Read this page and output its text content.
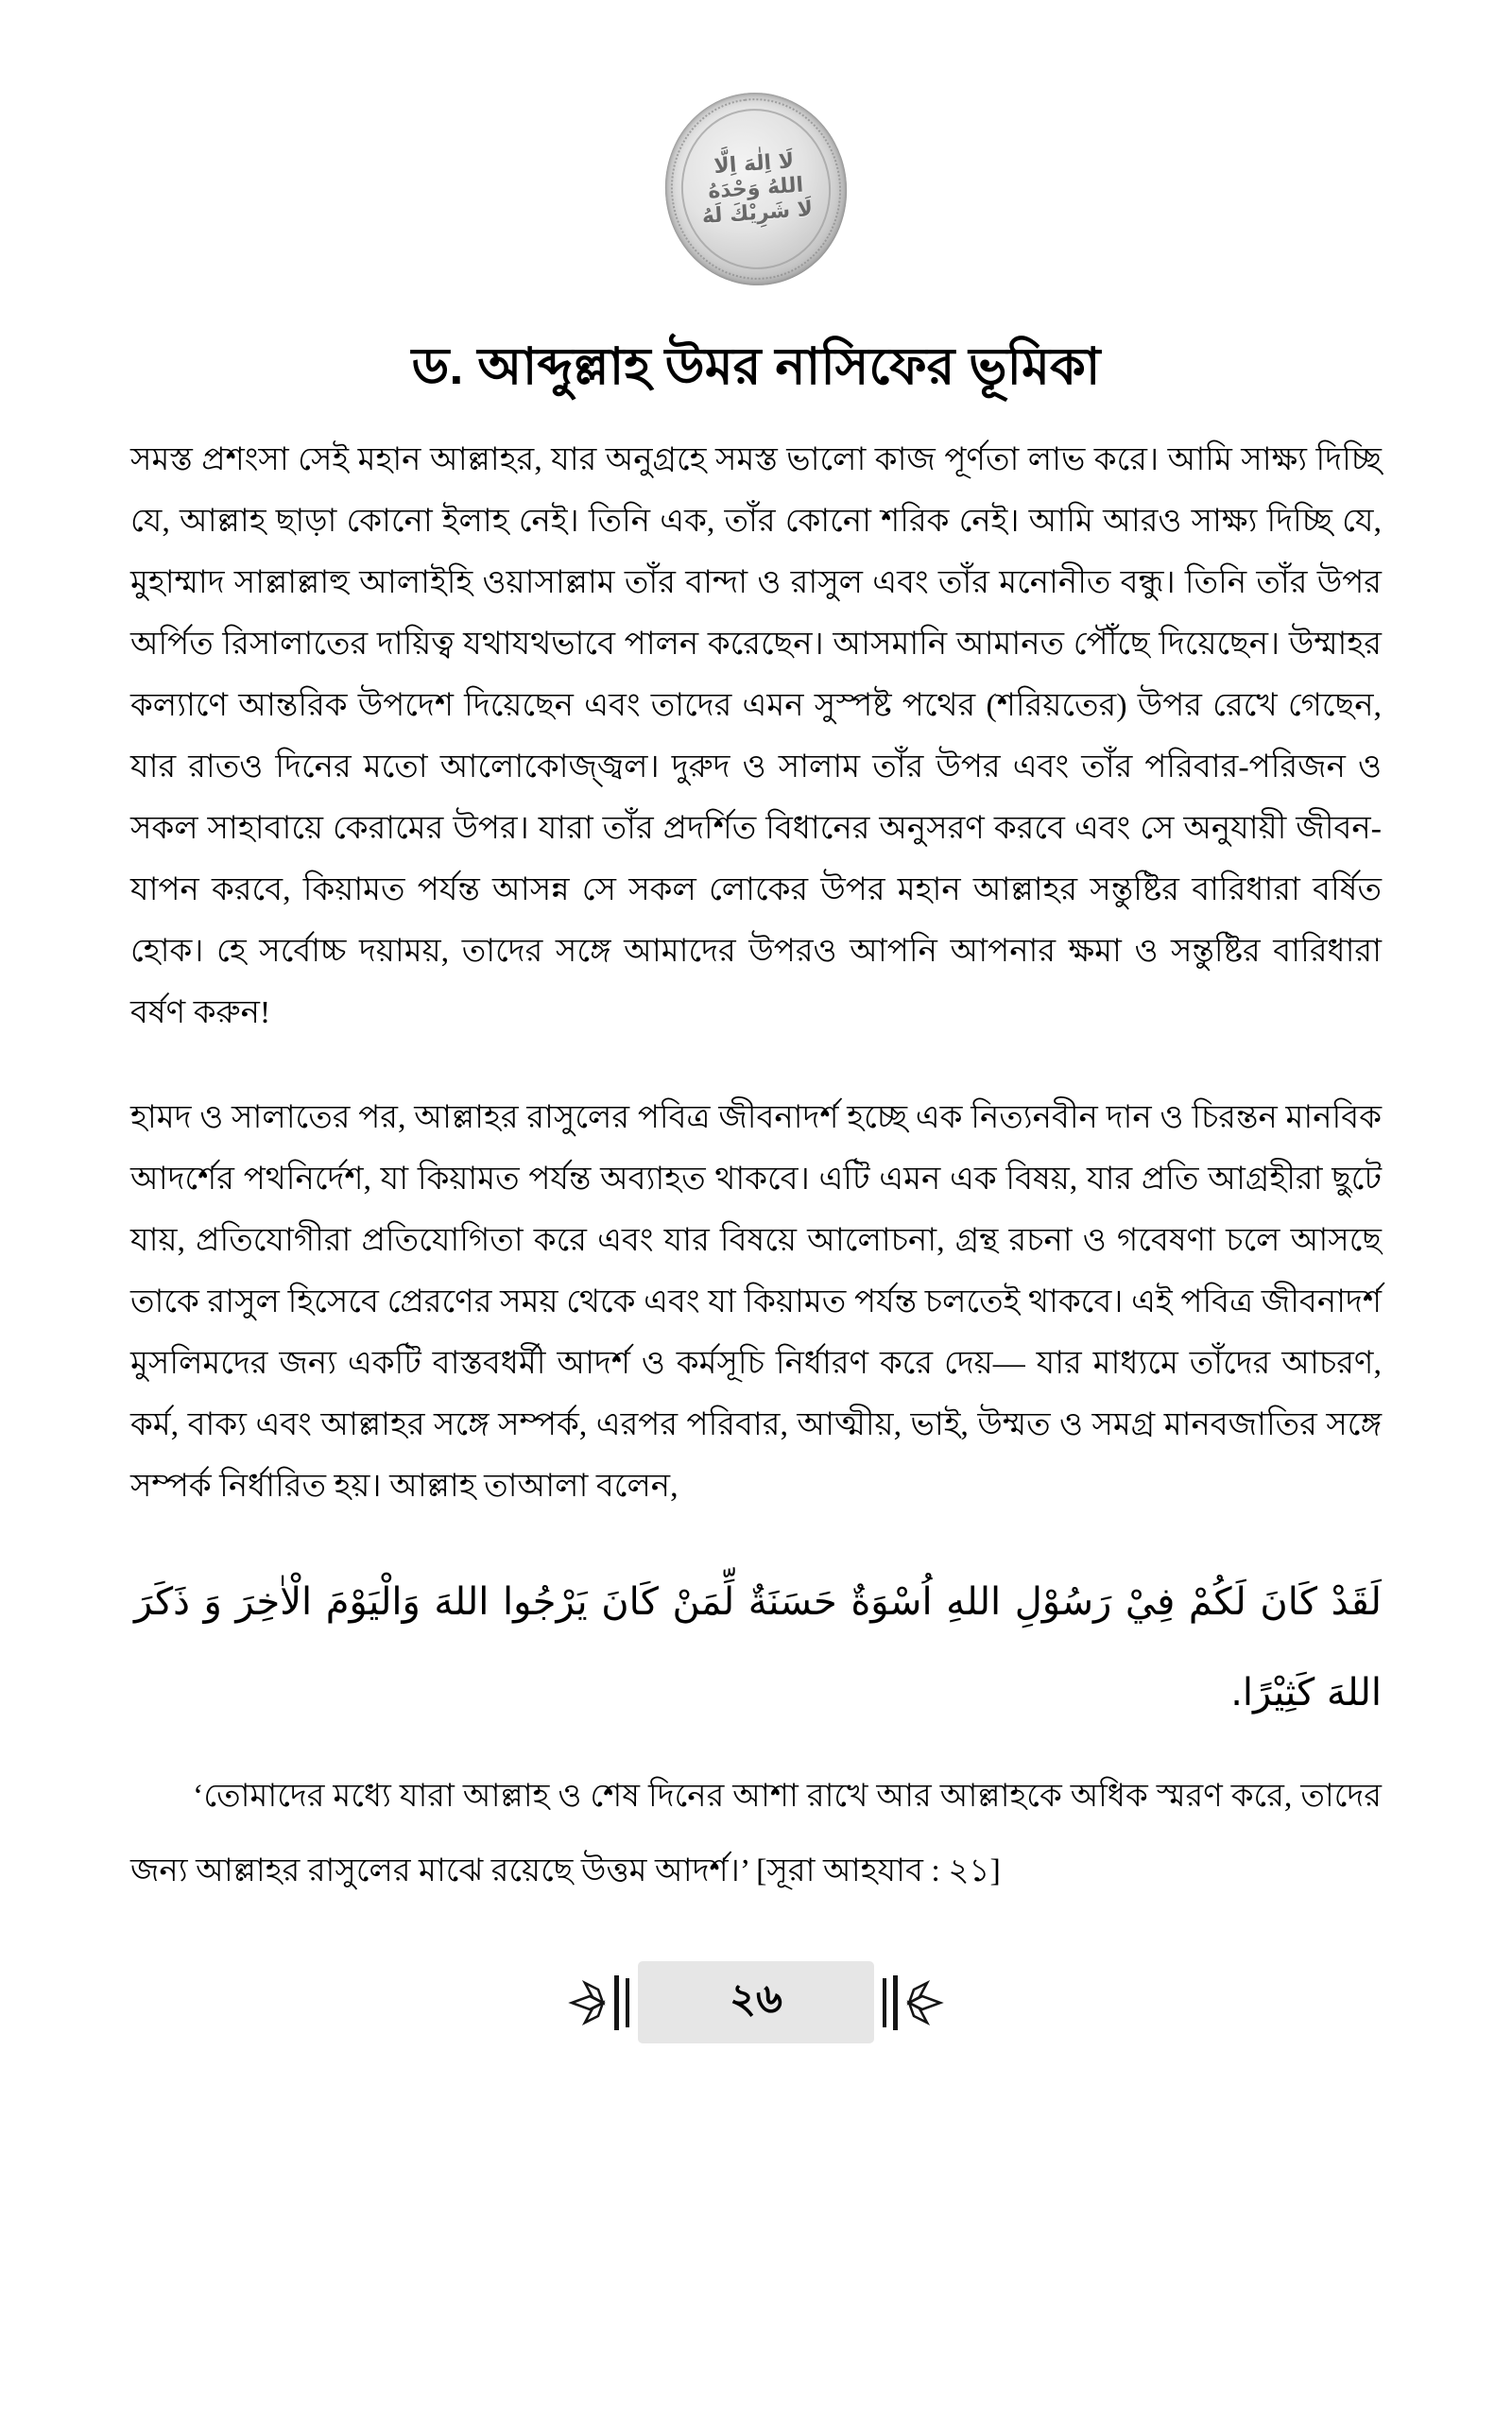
لَا اِلٰهَ اِلَّا
اللهُ وَحْدَهُ
لَا شَرِيْكَ لَهُ
ড. আব্দুল্লাহ উমর নাসিফের ভূমিকা

সমস্ত প্রশংসা সেই মহান আল্লাহর, যার অনুগ্রহে সমস্ত ভালো কাজ পূর্ণতা লাভ করে। আমি সাক্ষ্য দিচ্ছি যে, আল্লাহ ছাড়া কোনো ইলাহ নেই। তিনি এক, তাঁর কোনো শরিক নেই। আমি আরও সাক্ষ্য দিচ্ছি যে, মুহাম্মাদ সাল্লাল্লাহু আলাইহি ওয়াসাল্লাম তাঁর বান্দা ও রাসুল এবং তাঁর মনোনীত বন্ধু। তিনি তাঁর উপর অর্পিত রিসালাতের দায়িত্ব যথাযথভাবে পালন করেছেন। আসমানি আমানত পৌঁছে দিয়েছেন। উম্মাহর কল্যাণে আন্তরিক উপদেশ দিয়েছেন এবং তাদের এমন সুস্পষ্ট পথের (শরিয়তের) উপর রেখে গেছেন, যার রাতও দিনের মতো আলোকোজ্জ্বল। দুরুদ ও সালাম তাঁর উপর এবং তাঁর পরিবার-পরিজন ও সকল সাহাবায়ে কেরামের উপর। যারা তাঁর প্রদর্শিত বিধানের অনুসরণ করবে এবং সে অনুযায়ী জীবন-যাপন করবে, কিয়ামত পর্যন্ত আসন্ন সে সকল লোকের উপর মহান আল্লাহর সন্তুষ্টির বারিধারা বর্ষিত হোক। হে সর্বোচ্চ দয়াময়, তাদের সঙ্গে আমাদের উপরও আপনি আপনার ক্ষমা ও সন্তুষ্টির বারিধারা বর্ষণ করুন!

হামদ ও সালাতের পর, আল্লাহর রাসুলের পবিত্র জীবনাদর্শ হচ্ছে এক নিত্যনবীন দান ও চিরন্তন মানবিক আদর্শের পথনির্দেশ, যা কিয়ামত পর্যন্ত অব্যাহত থাকবে। এটি এমন এক বিষয়, যার প্রতি আগ্রহীরা ছুটে যায়, প্রতিযোগীরা প্রতিযোগিতা করে এবং যার বিষয়ে আলোচনা, গ্রন্থ রচনা ও গবেষণা চলে আসছে তাকে রাসুল হিসেবে প্রেরণের সময় থেকে এবং যা কিয়ামত পর্যন্ত চলতেই থাকবে। এই পবিত্র জীবনাদর্শ মুসলিমদের জন্য একটি বাস্তবধর্মী আদর্শ ও কর্মসূচি নির্ধারণ করে দেয়— যার মাধ্যমে তাঁদের আচরণ, কর্ম, বাক্য এবং আল্লাহর সঙ্গে সম্পর্ক, এরপর পরিবার, আত্মীয়, ভাই, উম্মত ও সমগ্র মানবজাতির সঙ্গে সম্পর্ক নির্ধারিত হয়। আল্লাহ তাআলা বলেন,

لَقَدْ كَانَ لَكُمْ فِيْ رَسُوْلِ اللهِ اُسْوَةٌ حَسَنَةٌ لِّمَنْ كَانَ يَرْجُوا اللهَ وَالْيَوْمَ الْاٰخِرَ وَ ذَكَرَ اللهَ كَثِيْرًا.

‘তোমাদের মধ্যে যারা আল্লাহ ও শেষ দিনের আশা রাখে আর আল্লাহকে অধিক স্মরণ করে, তাদের জন্য আল্লাহর রাসুলের মাঝে রয়েছে উত্তম আদর্শ।’ [সূরা আহযাব : ২১]

২৬
